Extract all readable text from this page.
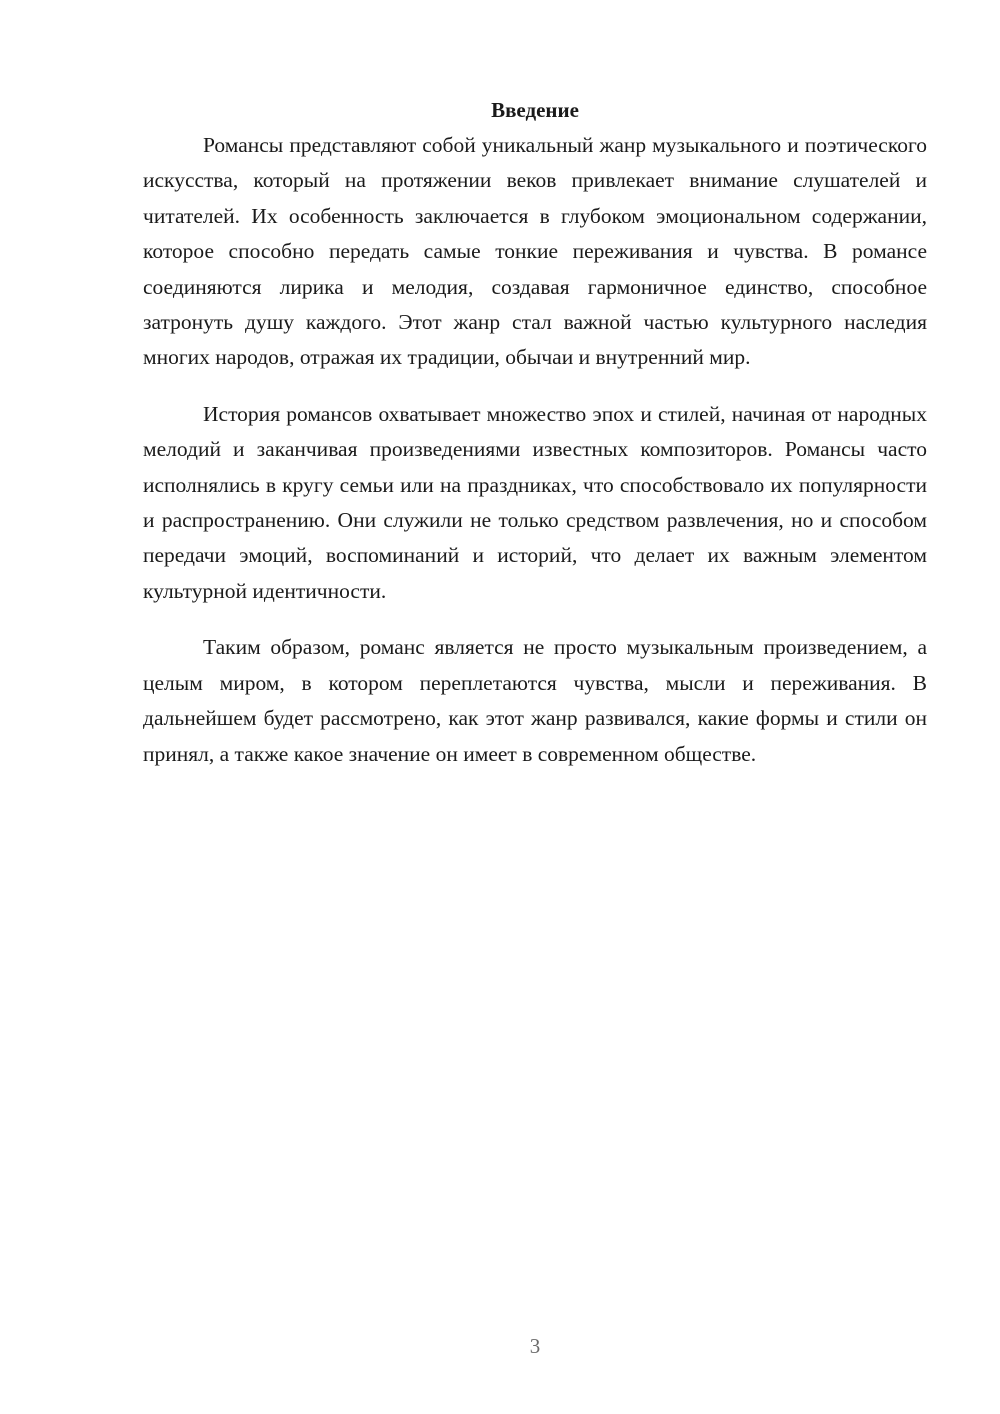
Введение

Романсы представляют собой уникальный жанр музыкального и поэтического искусства, который на протяжении веков привлекает внимание слушателей и читателей. Их особенность заключается в глубоком эмоциональном содержании, которое способно передать самые тонкие переживания и чувства. В романсе соединяются лирика и мелодия, создавая гармоничное единство, способное затронуть душу каждого. Этот жанр стал важной частью культурного наследия многих народов, отражая их традиции, обычаи и внутренний мир.

История романсов охватывает множество эпох и стилей, начиная от народных мелодий и заканчивая произведениями известных композиторов. Романсы часто исполнялись в кругу семьи или на праздниках, что способствовало их популярности и распространению. Они служили не только средством развлечения, но и способом передачи эмоций, воспоминаний и историй, что делает их важным элементом культурной идентичности.

Таким образом, романс является не просто музыкальным произведением, а целым миром, в котором переплетаются чувства, мысли и переживания. В дальнейшем будет рассмотрено, как этот жанр развивался, какие формы и стили он принял, а также какое значение он имеет в современном обществе.

3
